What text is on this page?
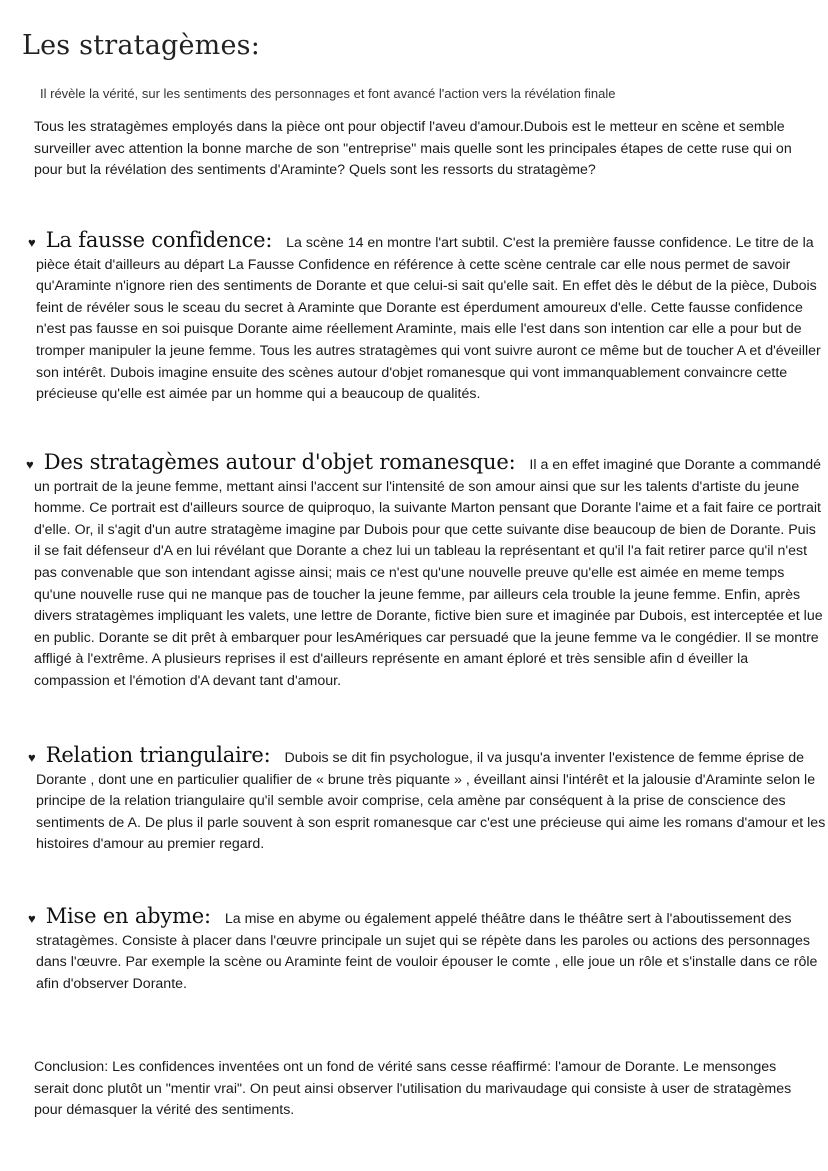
Les stratagèmes:

Il révèle la vérité, sur les sentiments des personnages et font avancé l'action vers la révélation finale

Tous les stratagèmes employés dans la pièce ont pour objectif l'aveu d'amour.Dubois est le metteur en scène et semble surveiller avec attention la bonne marche de son "entreprise" mais quelle sont les principales étapes de cette ruse qui on pour but la révélation des sentiments d'Araminte? Quels sont les ressorts du stratagème?

♥ La fausse confidence: La scène 14 en montre l'art subtil. C'est la première fausse confidence. Le titre de la pièce était d'ailleurs au départ La Fausse Confidence en référence à cette scène centrale car elle nous permet de savoir qu'Araminte n'ignore rien des sentiments de Dorante et que celui-si sait qu'elle sait. En effet dès le début de la pièce, Dubois feint de révéler sous le sceau du secret à Araminte que Dorante est éperdument amoureux d'elle. Cette fausse confidence n'est pas fausse en soi puisque Dorante aime réellement Araminte, mais elle l'est dans son intention car elle a pour but de tromper manipuler la jeune femme. Tous les autres stratagèmes qui vont suivre auront ce même but de toucher A et d'éveiller son intérêt. Dubois imagine ensuite des scènes autour d'objet romanesque qui vont immanquablement convaincre cette précieuse qu'elle est aimée par un homme qui a beaucoup de qualités.

♥ Des stratagèmes autour d'objet romanesque: Il a en effet imaginé que Dorante a commandé un portrait de la jeune femme, mettant ainsi l'accent sur l'intensité de son amour ainsi que sur les talents d'artiste du jeune homme. Ce portrait est d'ailleurs source de quiproquo, la suivante Marton pensant que Dorante l'aime et a fait faire ce portrait d'elle. Or, il s'agit d'un autre stratagème imagine par Dubois pour que cette suivante dise beaucoup de bien de Dorante. Puis il se fait défenseur d'A en lui révélant que Dorante a chez lui un tableau la représentant et qu'il l'a fait retirer parce qu'il n'est pas convenable que son intendant agisse ainsi; mais ce n'est qu'une nouvelle preuve qu'elle est aimée en meme temps qu'une nouvelle ruse qui ne manque pas de toucher la jeune femme, par ailleurs cela trouble la jeune femme. Enfin, après divers stratagèmes impliquant les valets, une lettre de Dorante, fictive bien sure et imaginée par Dubois, est interceptée et lue en public. Dorante se dit prêt à embarquer pour lesAmériques car persuadé que la jeune femme va le congédier. Il se montre affligé à l'extrême. A plusieurs reprises il est d'ailleurs représente en amant éploré et très sensible afin d éveiller la compassion et l'émotion d'A devant tant d'amour.

♥ Relation triangulaire: Dubois se dit fin psychologue, il va jusqu'a inventer l'existence de femme éprise de Dorante , dont une en particulier qualifier de « brune très piquante » , éveillant ainsi l'intérêt et la jalousie d'Araminte selon le principe de la relation triangulaire qu'il semble avoir comprise, cela amène par conséquent à la prise de conscience des sentiments de A. De plus il parle souvent à son esprit romanesque car c'est une précieuse qui aime les romans d'amour et les histoires d'amour au premier regard.

♥ Mise en abyme: La mise en abyme ou également appelé théâtre dans le théâtre sert à l'aboutissement des stratagèmes. Consiste à placer dans l'œuvre principale un sujet qui se répète dans les paroles ou actions des personnages dans l'œuvre. Par exemple la scène ou Araminte feint de vouloir épouser le comte , elle joue un rôle et s'installe dans ce rôle afin d'observer Dorante.

Conclusion: Les confidences inventées ont un fond de vérité sans cesse réaffirmé: l'amour de Dorante. Le mensonges serait donc plutôt un "mentir vrai". On peut ainsi observer l'utilisation du marivaudage qui consiste à user de stratagèmes pour démasquer la vérité des sentiments.
